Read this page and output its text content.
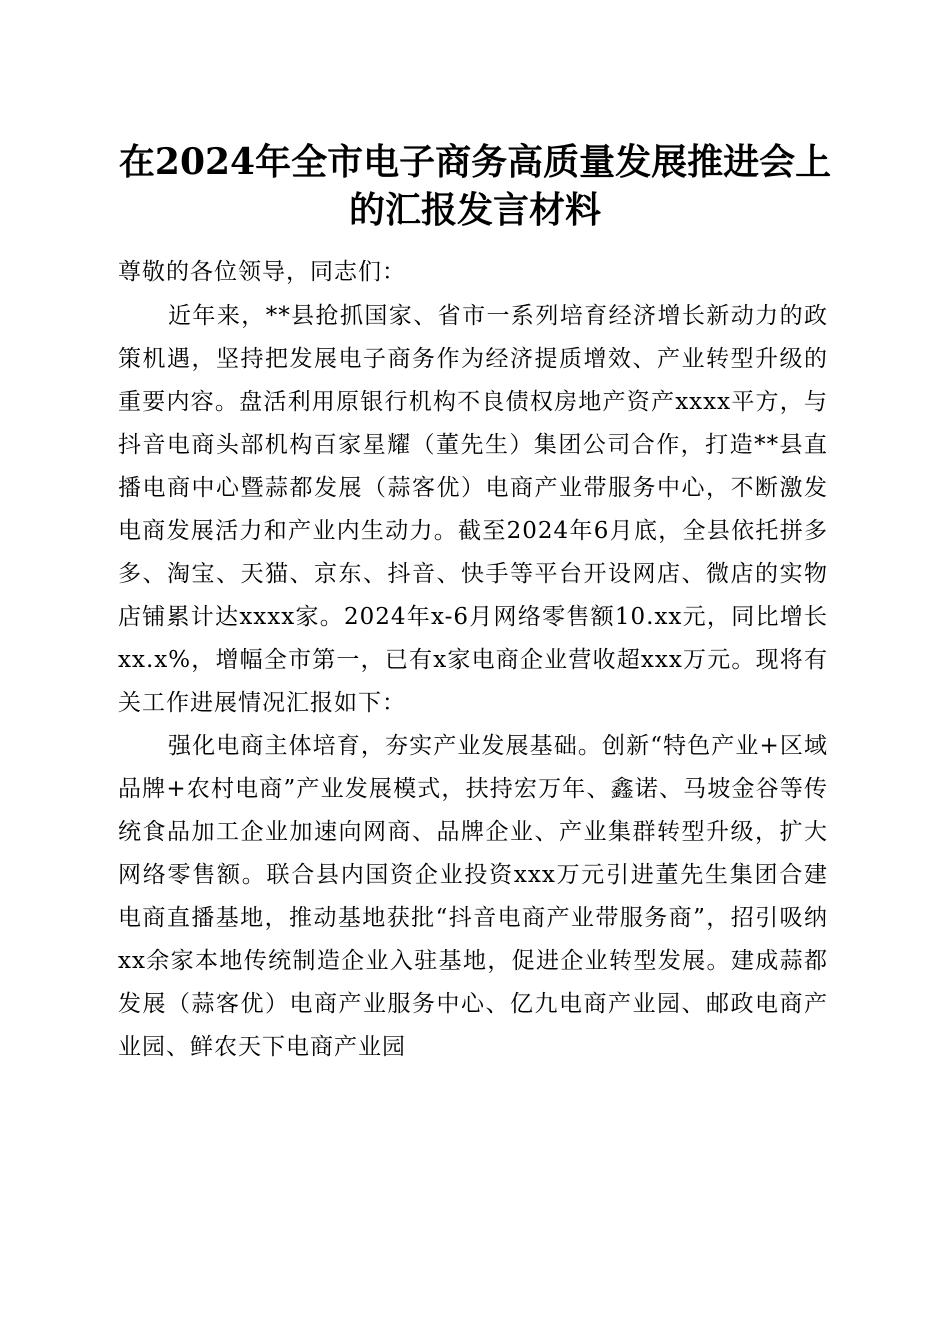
在2024年全市电子商务高质量发展推进会上
的汇报发言材料

尊敬的各位领导，同志们：

近年来，**县抢抓国家、省市一系列培育经济增长新动力的政策机遇，坚持把发展电子商务作为经济提质增效、产业转型升级的重要内容。盘活利用原银行机构不良债权房地产资产xxxx平方，与抖音电商头部机构百家星耀（董先生）集团公司合作，打造**县直播电商中心暨蒜都发展（蒜客优）电商产业带服务中心，不断激发电商发展活力和产业内生动力。截至2024年6月底，全县依托拼多多、淘宝、天猫、京东、抖音、快手等平台开设网店、微店的实物店铺累计达xxxx家。2024年x-6月网络零售额10.xx元，同比增长xx.x%，增幅全市第一，已有x家电商企业营收超xxx万元。现将有关工作进展情况汇报如下：

强化电商主体培育，夯实产业发展基础。创新“特色产业+区域品牌+农村电商”产业发展模式，扶持宏万年、鑫诺、马坡金谷等传统食品加工企业加速向网商、品牌企业、产业集群转型升级，扩大网络零售额。联合县内国资企业投资xxx万元引进董先生集团合建电商直播基地，推动基地获批“抖音电商产业带服务商”，招引吸纳xx余家本地传统制造企业入驻基地，促进企业转型发展。建成蒜都发展（蒜客优）电商产业服务中心、亿九电商产业园、邮政电商产业园、鲜农天下电商产业园
